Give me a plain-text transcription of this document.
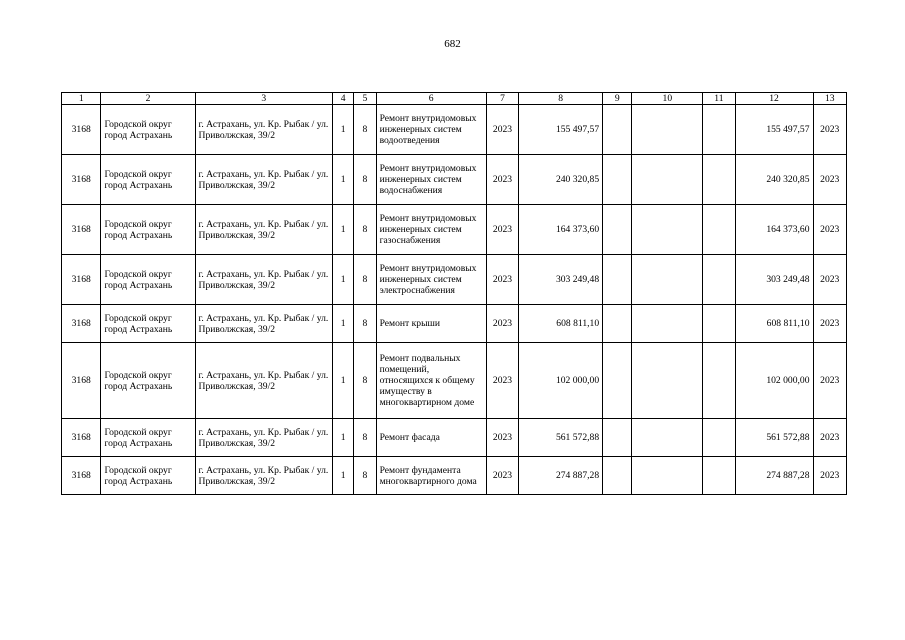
682
1	2	3	4	5	6	7	8	9	10	11	12	13
3168	Городской округ город Астрахань	г. Астрахань, ул. Кр. Рыбак / ул. Приволжская, 39/2	1	8	Ремонт внутридомовых инженерных систем водоотведения	2023	155 497,57				155 497,57	2023
3168	Городской округ город Астрахань	г. Астрахань, ул. Кр. Рыбак / ул. Приволжская, 39/2	1	8	Ремонт внутридомовых инженерных систем водоснабжения	2023	240 320,85				240 320,85	2023
3168	Городской округ город Астрахань	г. Астрахань, ул. Кр. Рыбак / ул. Приволжская, 39/2	1	8	Ремонт внутридомовых инженерных систем газоснабжения	2023	164 373,60				164 373,60	2023
3168	Городской округ город Астрахань	г. Астрахань, ул. Кр. Рыбак / ул. Приволжская, 39/2	1	8	Ремонт внутридомовых инженерных систем электроснабжения	2023	303 249,48				303 249,48	2023
3168	Городской округ город Астрахань	г. Астрахань, ул. Кр. Рыбак / ул. Приволжская, 39/2	1	8	Ремонт крыши	2023	608 811,10				608 811,10	2023
3168	Городской округ город Астрахань	г. Астрахань, ул. Кр. Рыбак / ул. Приволжская, 39/2	1	8	Ремонт подвальных помещений, относящихся к общему имуществу в многоквартирном доме	2023	102 000,00				102 000,00	2023
3168	Городской округ город Астрахань	г. Астрахань, ул. Кр. Рыбак / ул. Приволжская, 39/2	1	8	Ремонт фасада	2023	561 572,88				561 572,88	2023
3168	Городской округ город Астрахань	г. Астрахань, ул. Кр. Рыбак / ул. Приволжская, 39/2	1	8	Ремонт фундамента многоквартирного дома	2023	274 887,28				274 887,28	2023
